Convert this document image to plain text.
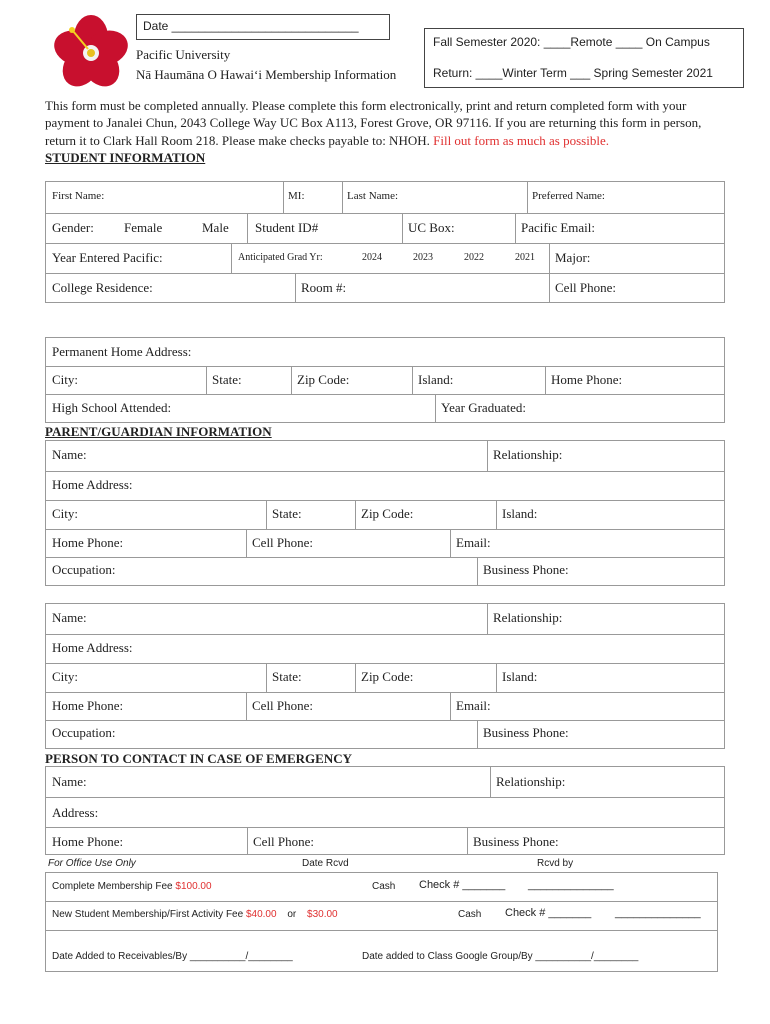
Date ____________________________
Pacific University
Nā Haumāna O Hawaiʻi Membership Information
Fall Semester 2020: ____Remote ____ On Campus
Return: ____Winter Term ___ Spring Semester 2021
This form must be completed annually. Please complete this form electronically, print and return completed form with your payment to Janalei Chun, 2043 College Way UC Box A113, Forest Grove, OR 97116. If you are returning this form in person, return it to Clark Hall Room 218. Please make checks payable to: NHOH. Fill out form as much as possible.
STUDENT INFORMATION
First Name:	MI:	Last Name:	Preferred Name:
Gender: Female	Male Student ID#	UC Box:	Pacific Email:
Year Entered Pacific:	Anticipated Grad Yr:	2024	2023	2022	2021 Major:
College Residence:	Room #:	Cell Phone:
Permanent Home Address:
City:	State:	Zip Code:	Island:	Home Phone:
High School Attended:	Year Graduated:
PARENT/GUARDIAN INFORMATION
Name:	Relationship:
Home Address:
City:	State:	Zip Code:	Island:
Home Phone:	Cell Phone:	Email:
Occupation:	Business Phone:
Name:	Relationship:
Home Address:
City:	State:	Zip Code:	Island:
Home Phone:	Cell Phone:	Email:
Occupation:	Business Phone:
PERSON TO CONTACT IN CASE OF EMERGENCY
Name:	Relationship:
Address:
Home Phone:	Cell Phone:	Business Phone:
For Office Use Only	Date Rcvd	Rcvd by
Complete Membership Fee $100.00	Cash Check # _______ ______________
New Student Membership/First Activity Fee $40.00 or $30.00	Cash Check # _______ ______________
Date Added to Receivables/By __________/________	Date added to Class Google Group/By __________/________
